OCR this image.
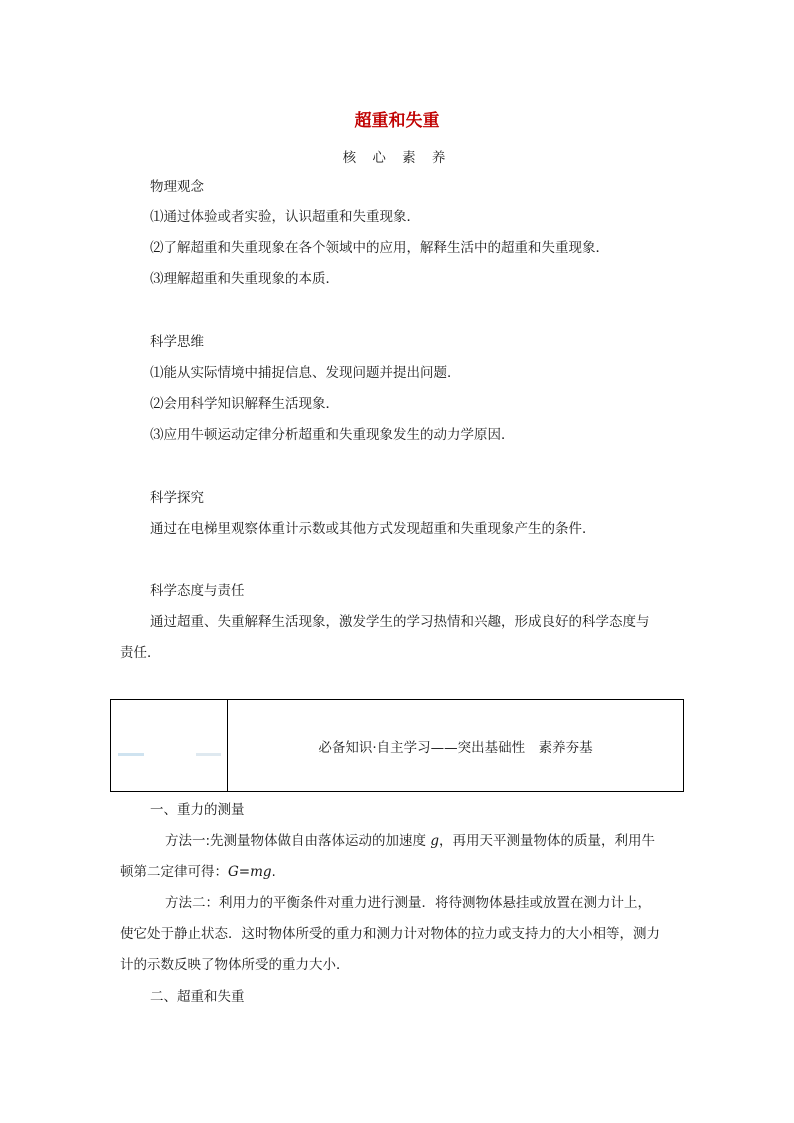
超重和失重
核 心 素 养
物理观念
⑴通过体验或者实验，认识超重和失重现象．
⑵了解超重和失重现象在各个领域中的应用，解释生活中的超重和失重现象．
⑶理解超重和失重现象的本质．
科学思维
⑴能从实际情境中捕捉信息、发现问题并提出问题．
⑵会用科学知识解释生活现象．
⑶应用牛顿运动定律分析超重和失重现象发生的动力学原因．
科学探究
通过在电梯里观察体重计示数或其他方式发现超重和失重现象产生的条件．
科学态度与责任
通过超重、失重解释生活现象，激发学生的学习热情和兴趣，形成良好的科学态度与
责任．
必备知识·自主学习——突出基础性　素养夯基
一、重力的测量
方法一:先测量物体做自由落体运动的加速度 g，再用天平测量物体的质量，利用牛
顿第二定律可得：G=mg.
方法二：利用力的平衡条件对重力进行测量．将待测物体悬挂或放置在测力计上，
使它处于静止状态．这时物体所受的重力和测力计对物体的拉力或支持力的大小相等，测力
计的示数反映了物体所受的重力大小．
二、超重和失重
